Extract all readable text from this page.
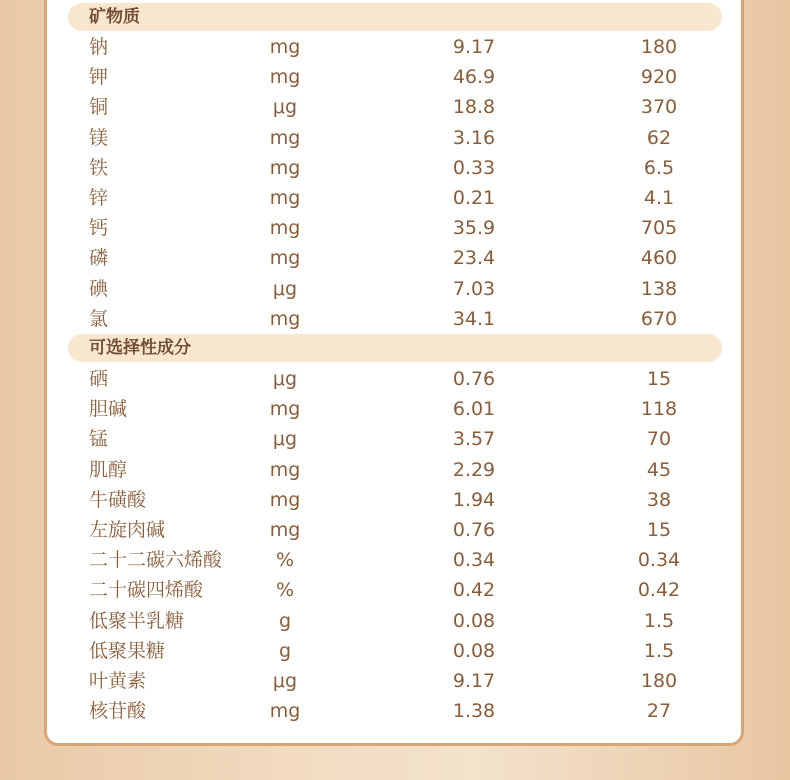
矿物质
钠	mg	9.17	180
钾	mg	46.9	920
铜	μg	18.8	370
镁	mg	3.16	62
铁	mg	0.33	6.5
锌	mg	0.21	4.1
钙	mg	35.9	705
磷	mg	23.4	460
碘	μg	7.03	138
氯	mg	34.1	670
可选择性成分
硒	μg	0.76	15
胆碱	mg	6.01	118
锰	μg	3.57	70
肌醇	mg	2.29	45
牛磺酸	mg	1.94	38
左旋肉碱	mg	0.76	15
二十二碳六烯酸	%	0.34	0.34
二十碳四烯酸	%	0.42	0.42
低聚半乳糖	g	0.08	1.5
低聚果糖	g	0.08	1.5
叶黄素	μg	9.17	180
核苷酸	mg	1.38	27
